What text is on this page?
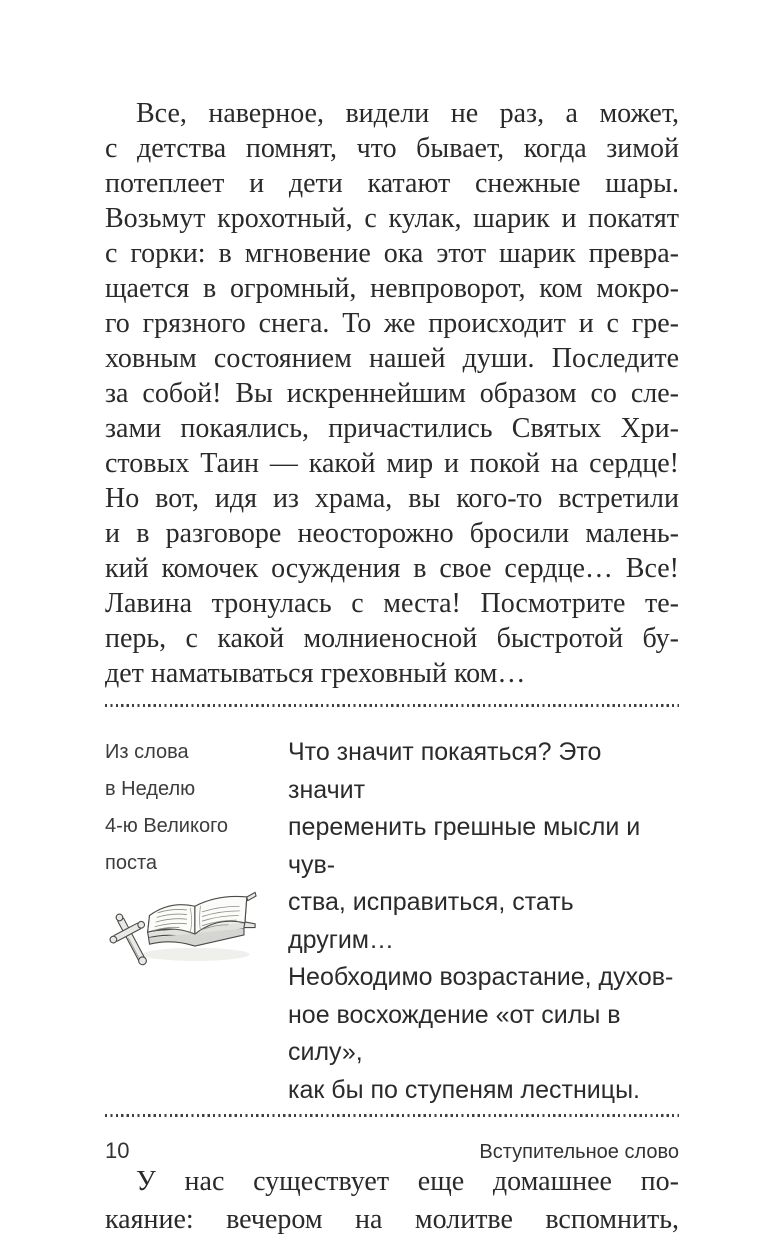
Все, наверное, видели не раз, а может,
с детства помнят, что бывает, когда зимой
потеплеет и дети катают снежные шары.
Возьмут крохотный, с кулак, шарик и покатят
с горки: в мгновение ока этот шарик превра-
щается в огромный, невпроворот, ком мокро-
го грязного снега. То же происходит и с гре-
ховным состоянием нашей души. Последите
за собой! Вы искреннейшим образом со сле-
зами покаялись, причастились Святых Хри-
стовых Таин — какой мир и покой на сердце!
Но вот, идя из храма, вы кого-то встретили
и в разговоре неосторожно бросили малень-
кий комочек осуждения в свое сердце… Все!
Лавина тронулась с места! Посмотрите те-
перь, с какой молниеносной быстротой бу-
дет наматываться греховный ком…
Из слова
в Неделю
4-ю Великого
поста
Что значит покаяться? Это значит
переменить грешные мысли и чув-
ства, исправиться, стать другим…
Необходимо возрастание, духов-
ное восхождение «от силы в силу»,
как бы по ступеням лестницы.
У нас существует еще домашнее по-
каяние: вечером на молитве вспомнить,
10	Вступительное слово
